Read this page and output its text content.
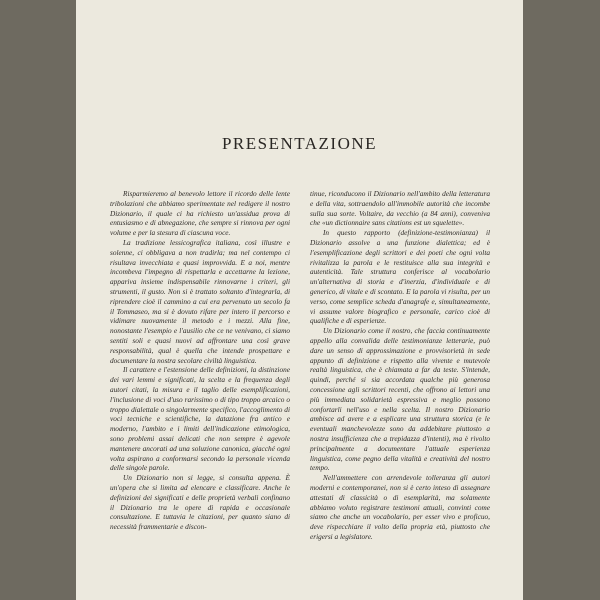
PRESENTAZIONE

Risparmieremo al benevolo lettore il ricordo delle lente tribolazioni che abbiamo sperimentate nel redigere il nostro Dizionario, il quale ci ha richiesto un'assidua prova di entusiasmo e di abnegazione, che sempre si rinnova per ogni volume e per la stesura di ciascuna voce.

La tradizione lessicografica italiana, così illustre e solenne, ci obbligava a non tradirla; ma nel contempo ci risultava invecchiata e quasi improvvida. E a noi, mentre incombeva l'impegno di rispettarla e accettarne la lezione, appariva insieme indispensabile rinnovarne i criteri, gli strumenti, il gusto. Non si è trattato soltanto d'integrarla, di riprendere cioè il cammino a cui era pervenuto un secolo fa il Tommaseo, ma si è dovuto rifare per intero il percorso e vidimare nuovamente il metodo e i mezzi. Alla fine, nonostante l'esempio e l'ausilio che ce ne venivano, ci siamo sentiti soli e quasi nuovi ad affrontare una così grave responsabilità, qual è quella che intende prospettare e documentare la nostra secolare civiltà linguistica.

Il carattere e l'estensione delle definizioni, la distinzione dei vari lemmi e significati, la scelta e la frequenza degli autori citati, la misura e il taglio delle esemplificazioni, l'inclusione di voci d'uso rarissimo o di tipo troppo arcaico o troppo dialettale o singolarmente specifico, l'accoglimento di voci tecniche e scientifiche, la datazione fra antico e moderno, l'ambito e i limiti dell'indicazione etimologica, sono problemi assai delicati che non sempre è agevole mantenere ancorati ad una soluzione canonica, giacché ogni volta aspirano a conformarsi secondo la personale vicenda delle singole parole.

Un Dizionario non si legge, si consulta appena. È un'opera che si limita ad elencare e classificare. Anche le definizioni dei significati e delle proprietà verbali confinano il Dizionario tra le opere di rapida e occasionale consultazione. E tuttavia le citazioni, per quanto siano di necessità frammentarie e discon-

tinue, riconducono il Dizionario nell'ambito della letteratura e della vita, sottraendolo all'immobile autorità che incombe sulla sua sorte. Voltaire, da vecchio (a 84 anni), conveniva che «un dictionnaire sans citations est un squelette».

In questo rapporto (definizione-testimonianza) il Dizionario assolve a una funzione dialettica; ed è l'esemplificazione degli scrittori e dei poeti che ogni volta rivitalizza la parola e le restituisce alla sua integrità e autenticità. Tale struttura conferisce al vocabolario un'alternativa di storia e d'inerzia, d'individuale e di generico, di vitale e di scontato. E la parola vi risulta, per un verso, come semplice scheda d'anagrafe e, simultaneamente, vi assume valore biografico e personale, carico cioè di qualifiche e di esperienze.

Un Dizionario come il nostro, che faccia continuamente appello alla convalida delle testimonianze letterarie, può dare un senso di approssimazione e provvisorietà in sede appunto di definizione e rispetto alla vivente e mutevole realtà linguistica, che è chiamata a far da teste. S'intende, quindi, perché si sia accordata qualche più generosa concessione agli scrittori recenti, che offrono ai lettori una più immediata solidarietà espressiva e meglio possono confortarli nell'uso e nella scelta. Il nostro Dizionario ambisce ad avere e a esplicare una struttura storica (e le eventuali manchevolezze sono da addebitare piuttosto a nostra insufficienza che a trepidazza d'intenti), ma è rivolto principalmente a documentare l'attuale esperienza linguistica, come pegno della vitalità e creatività del nostro tempo.

Nell'ammettere con arrendevole tolleranza gli autori moderni e contemporanei, non si è certo inteso di assegnare attestati di classicità o di esemplarità, ma solamente abbiamo voluto registrare testimoni attuali, convinti come siamo che anche un vocabolario, per esser vivo e proficuo, deve rispecchiare il volto della propria età, piuttosto che erigersi a legislatore.
